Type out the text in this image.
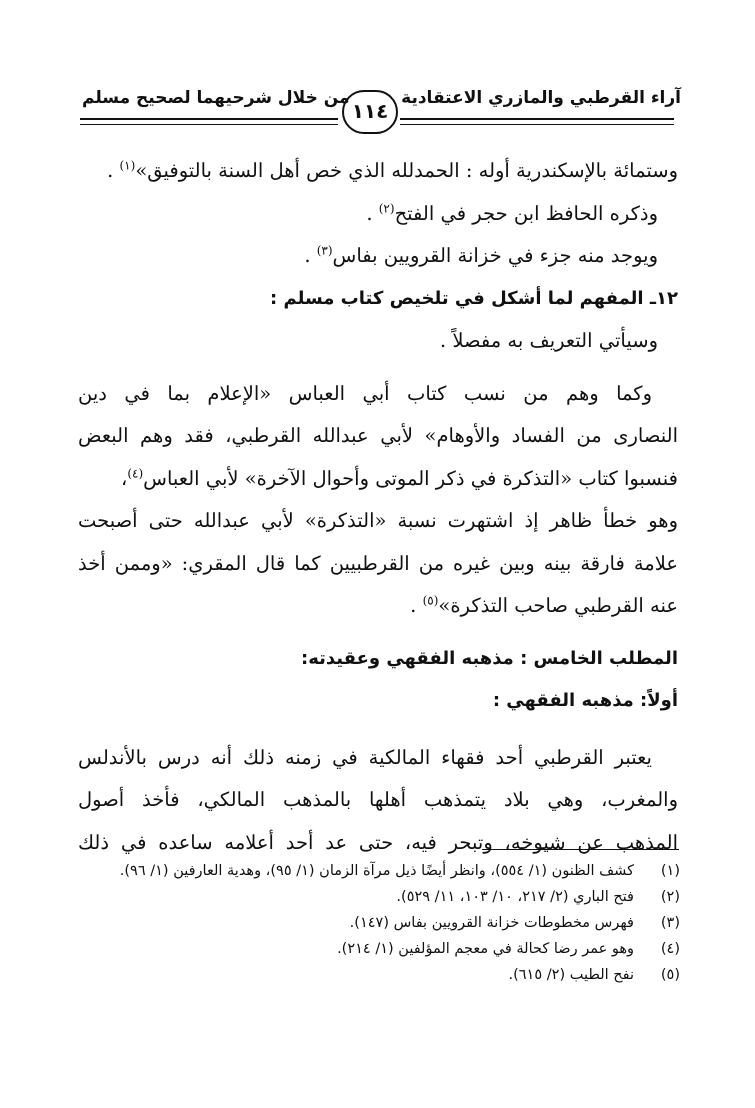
آراء القرطبي والمازري الاعتقادية
من خلال شرحيهما لصحيح مسلم
١١٤
وستمائة بالإسكندرية أوله : الحمدلله الذي خص أهل السنة بالتوفيق»$^{(١)}$ .
وذكره الحافظ ابن حجر في الفتح$^{(٢)}$ .
ويوجد منه جزء في خزانة القرويين بفاس$^{(٣)}$ .
١٢ـ المفهم لما أشكل في تلخيص كتاب مسلم :
وسيأتي التعريف به مفصلاً .
وكما وهم من نسب كتاب أبي العباس «الإعلام بما في دين
النصارى من الفساد والأوهام» لأبي عبدالله القرطبي، فقد وهم البعض
فنسبوا كتاب «التذكرة في ذكر الموتى وأحوال الآخرة» لأبي العباس$^{(٤)}$،
وهو خطأ ظاهر إذ اشتهرت نسبة «التذكرة» لأبي عبدالله حتى أصبحت
علامة فارقة بينه وبين غيره من القرطبيين كما قال المقري: «وممن أخذ
عنه القرطبي صاحب التذكرة»$^{(٥)}$ .
المطلب الخامس : مذهبه الفقهي وعقيدته:
أولاً: مذهبه الفقهي :
يعتبر القرطبي أحد فقهاء المالكية في زمنه ذلك أنه درس بالأندلس
والمغرب، وهي بلاد يتمذهب أهلها بالمذهب المالكي، فأخذ أصول
المذهب عن شيوخه، وتبحر فيه، حتى عد أحد أعلامه ساعده في ذلك
(١)
كشف الظنون (١/ ٥٥٤)، وانظر أيضًا ذيل مرآة الزمان (١/ ٩٥)، وهدية العارفين (١/ ٩٦).
(٢)
فتح الباري (٢/ ٢١٧، ١٠/ ١٠٣، ١١/ ٥٢٩).
(٣)
فهرس مخطوطات خزانة القرويين بفاس (١٤٧).
(٤)
وهو عمر رضا كحالة في معجم المؤلفين (١/ ٢١٤).
(٥)
نفح الطيب (٢/ ٦١٥).
